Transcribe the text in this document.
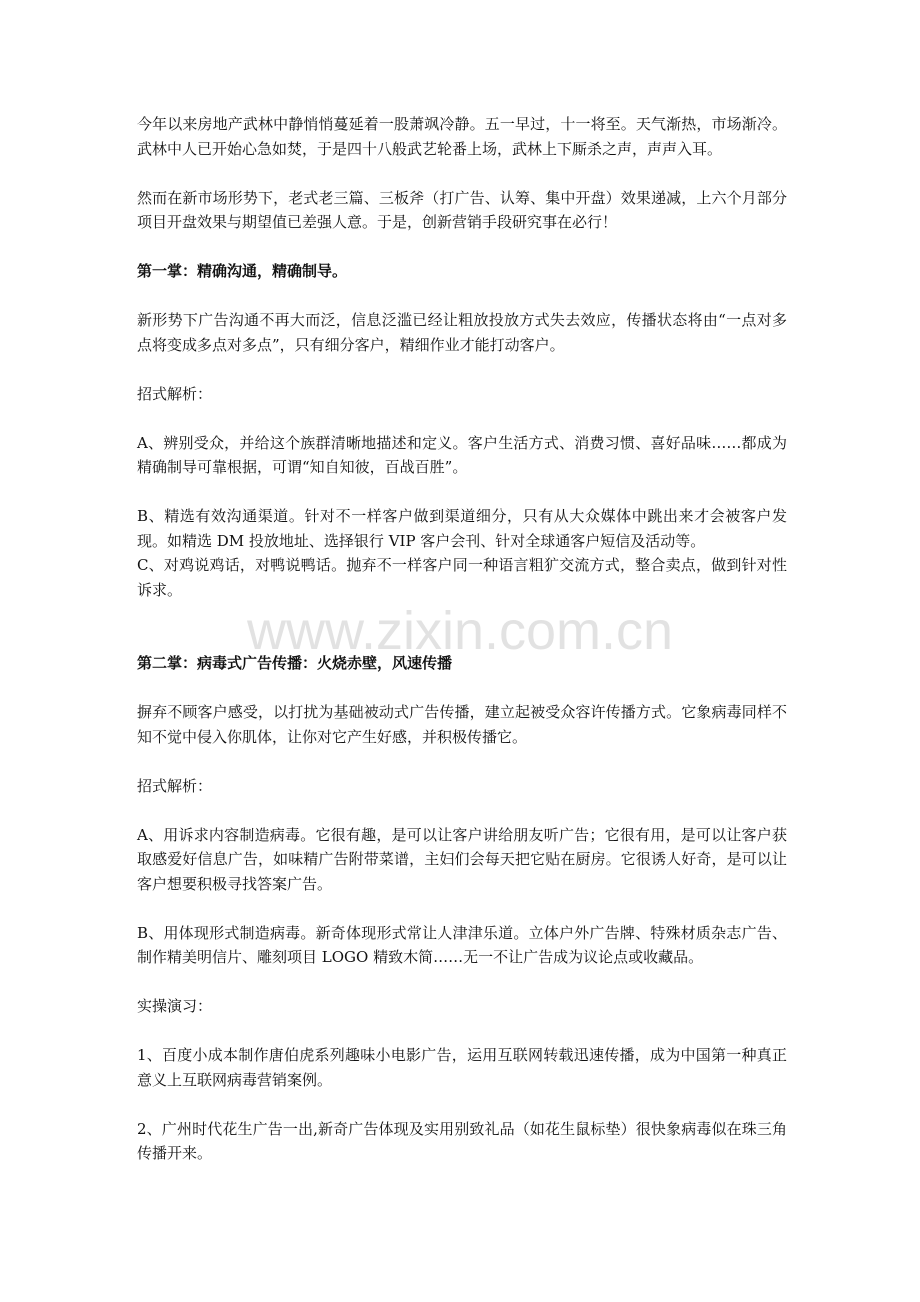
今年以来房地产武林中静悄悄蔓延着一股萧飒冷静。五一早过，十一将至。天气渐热，市场渐冷。武林中人已开始心急如焚，于是四十八般武艺轮番上场，武林上下厮杀之声，声声入耳。

然而在新市场形势下，老式老三篇、三板斧（打广告、认筹、集中开盘）效果递减，上六个月部分项目开盘效果与期望值已差强人意。于是，创新营销手段研究事在必行！

第一掌：精确沟通，精确制导。

新形势下广告沟通不再大而泛，信息泛滥已经让粗放投放方式失去效应，传播状态将由“一点对多点将变成多点对多点”，只有细分客户，精细作业才能打动客户。

招式解析：

A、辨别受众，并给这个族群清晰地描述和定义。客户生活方式、消费习惯、喜好品味……都成为精确制导可靠根据，可谓“知自知彼，百战百胜”。

B、精选有效沟通渠道。针对不一样客户做到渠道细分，只有从大众媒体中跳出来才会被客户发现。如精选 DM 投放地址、选择银行 VIP 客户会刊、针对全球通客户短信及活动等。

C、对鸡说鸡话，对鸭说鸭话。抛弃不一样客户同一种语言粗犷交流方式，整合卖点，做到针对性诉求。

第二掌：病毒式广告传播：火烧赤壁，风速传播

摒弃不顾客户感受，以打扰为基础被动式广告传播，建立起被受众容许传播方式。它象病毒同样不知不觉中侵入你肌体，让你对它产生好感，并积极传播它。

招式解析：

A、用诉求内容制造病毒。它很有趣，是可以让客户讲给朋友听广告；它很有用，是可以让客户获取感爱好信息广告，如味精广告附带菜谱，主妇们会每天把它贴在厨房。它很诱人好奇，是可以让客户想要积极寻找答案广告。

B、用体现形式制造病毒。新奇体现形式常让人津津乐道。立体户外广告牌、特殊材质杂志广告、制作精美明信片、雕刻项目 LOGO 精致木简……无一不让广告成为议论点或收藏品。

实操演习：

1、百度小成本制作唐伯虎系列趣味小电影广告，运用互联网转载迅速传播，成为中国第一种真正意义上互联网病毒营销案例。

2、广州时代花生广告一出,新奇广告体现及实用别致礼品（如花生鼠标垫）很快象病毒似在珠三角传播开来。

www.zixin.com.cn
